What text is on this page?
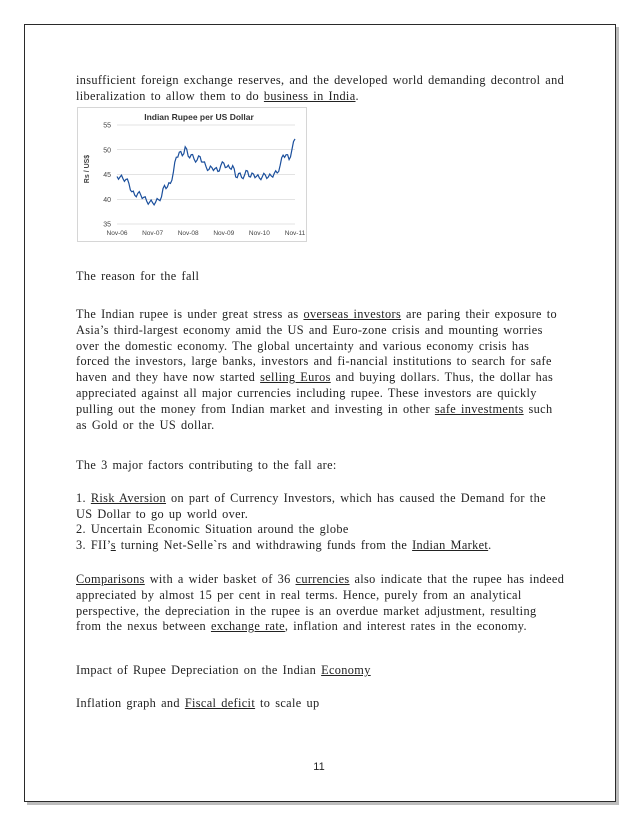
insufficient foreign exchange reserves, and the developed world demanding decontrol and liberalization to allow them to do business in India.
Indian Rupee per US Dollar
Rs / US$
35
40
45
50
55
Nov-06 Nov-07 Nov-08 Nov-09 Nov-10 Nov-11
The reason for the fall
The Indian rupee is under great stress as overseas investors are paring their exposure to Asia’s third-largest economy amid the US and Euro-zone crisis and mounting worries over the domestic economy. The global uncertainty and various economy crisis has forced the investors, large banks, investors and fi-nancial institutions to search for safe haven and they have now started selling Euros and buying dollars. Thus, the dollar has appreciated against all major currencies including rupee. These investors are quickly pulling out the money from Indian market and investing in other safe investments such as Gold or the US dollar.
The 3 major factors contributing to the fall are:
1. Risk Aversion on part of Currency Investors, which has caused the Demand for the US Dollar to go up world over.
2. Uncertain Economic Situation around the globe
3. FII’s turning Net-Selle`rs and withdrawing funds from the Indian Market.
Comparisons with a wider basket of 36 currencies also indicate that the rupee has indeed appreciated by almost 15 per cent in real terms. Hence, purely from an analytical perspective, the depreciation in the rupee is an overdue market adjustment, resulting from the nexus between exchange rate, inflation and interest rates in the economy.
Impact of Rupee Depreciation on the Indian Economy
Inflation graph and Fiscal deficit to scale up
11
